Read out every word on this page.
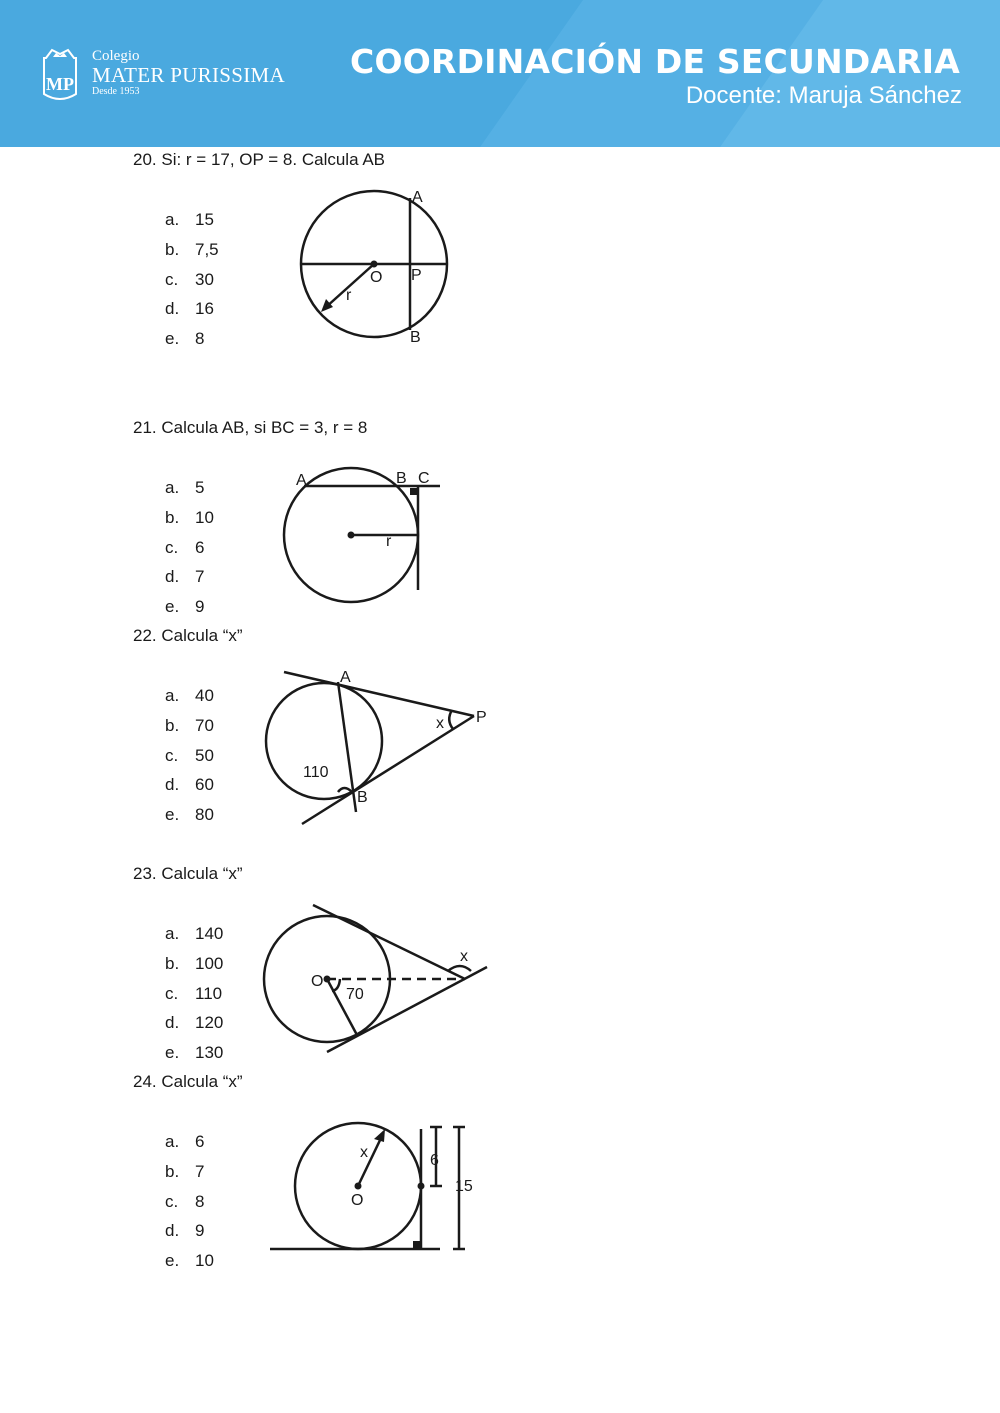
MP
Colegio
MATER PURISSIMA
Desde 1953
COORDINACIÓN DE SECUNDARIA
Docente: Maruja Sánchez
20. Si: r = 17, OP = 8. Calcula AB
a. 15
b. 7,5
c. 30
d. 16
e. 8
A
O P
r
B
21. Calcula AB, si BC = 3, r = 8
a. 5
b. 10
c. 6
d. 7
e. 9
A	B C
r
22. Calcula “x”
a. 40
b. 70
c. 50
d. 60
e. 80
A
P
x
110
B
23. Calcula “x”
a. 140
b. 100
c. 110
d. 120
e. 130
O
70
x
24. Calcula “x”
a. 6
b. 7
c. 8
d. 9
e. 10
x
O
6
15
